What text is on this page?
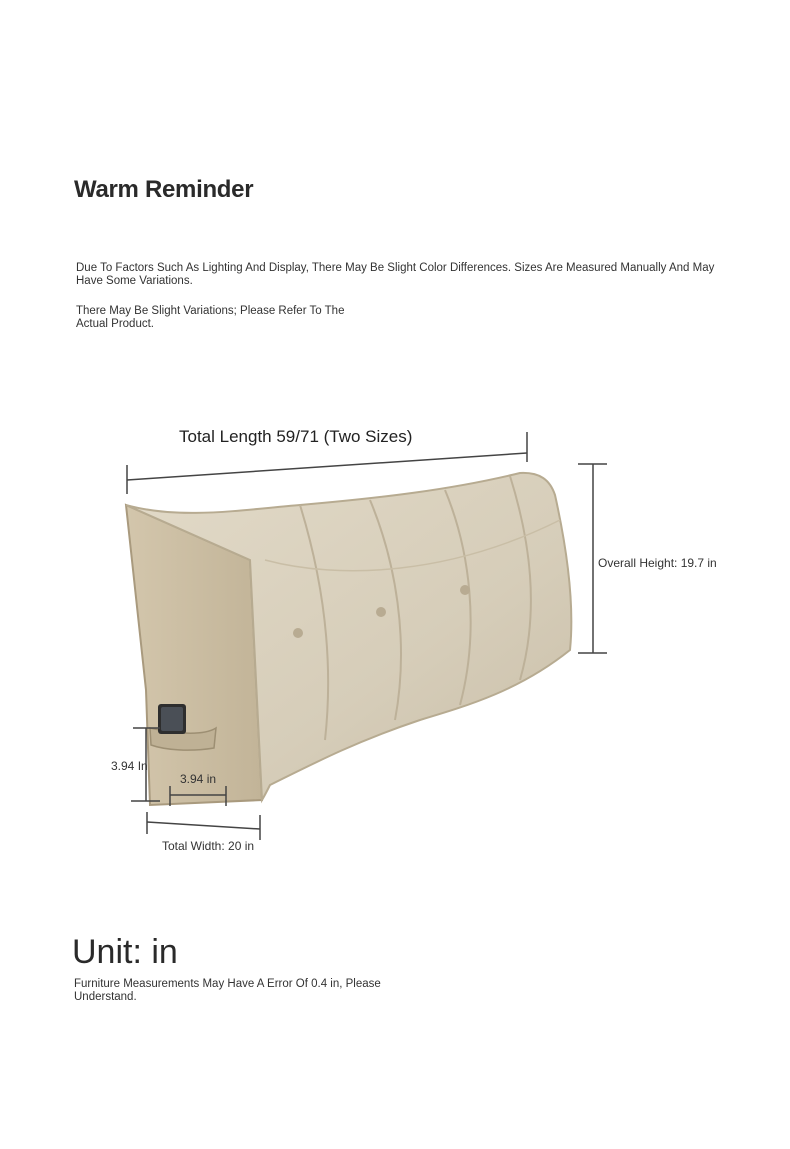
Warm Reminder
Due To Factors Such As Lighting And Display, There May Be Slight Color Differences. Sizes Are Measured Manually And May Have Some Variations.
There May Be Slight Variations; Please Refer To The Actual Product.
Total Length 59/71 (Two Sizes)
Overall Height: 19.7 in
3.94 In
3.94 in
Total Width: 20 in
Unit: in
Furniture Measurements May Have A Error Of 0.4 in, Please Understand.
